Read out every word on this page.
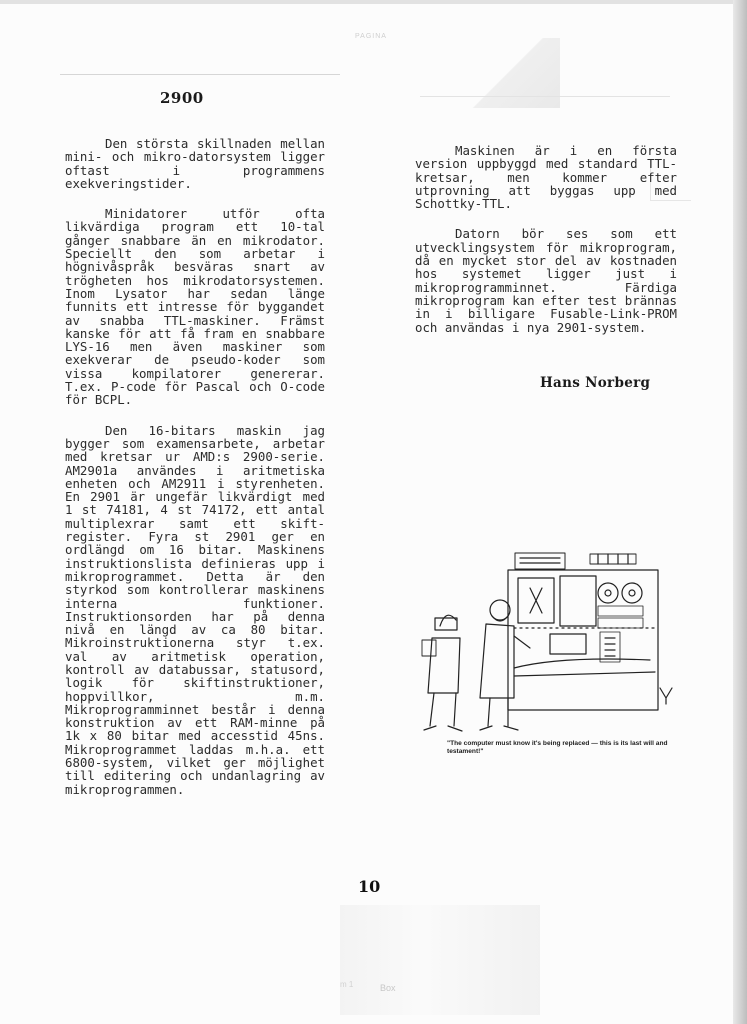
PAGINA
m 1	Box
2900

Den största skillnaden mellan mini- och mikro-datorsystem ligger oftast i programmens exekveringstider.

Minidatorer utför ofta likvärdiga program ett 10-tal gånger snabbare än en mikrodator. Speciellt den som arbetar i högnivåspråk besväras snart av trögheten hos mikrodatorsystemen. Inom Lysator har sedan länge funnits ett intresse för byggandet av snabba TTL-maskiner. Främst kanske för att få fram en snabbare LYS-16 men även maskiner som exekverar de pseudo-koder som vissa kompilatorer genererar. T.ex. P-code för Pascal och O-code för BCPL.

Den 16-bitars maskin jag bygger som examensarbete, arbetar med kretsar ur AMD:s 2900-serie. AM2901a användes i aritmetiska enheten och AM2911 i styrenheten. En 2901 är ungefär likvärdigt med 1 st 74181, 4 st 74172, ett antal multiplexrar samt ett skift-register. Fyra st 2901 ger en ordlängd om 16 bitar. Maskinens instruktionslista definieras upp i mikroprogrammet. Detta är den styrkod som kontrollerar maskinens interna funktioner. Instruktionsorden har på denna nivå en längd av ca 80 bitar. Mikroinstruktionerna styr t.ex. val av aritmetisk operation, kontroll av databussar, statusord, logik för skiftinstruktioner, hoppvillkor, m.m. Mikroprogramminnet består i denna konstruktion av ett RAM-minne på 1k x 80 bitar med accesstid 45ns. Mikroprogrammet laddas m.h.a. ett 6800-system, vilket ger möjlighet till editering och undanlagring av mikroprogrammen.

Maskinen är i en första version uppbyggd med standard TTL-kretsar, men kommer efter utprovning att byggas upp med Schottky-TTL.

Datorn bör ses som ett utvecklingsystem för mikroprogram, då en mycket stor del av kostnaden hos systemet ligger just i mikroprogramminnet. Färdiga mikroprogram kan efter test brännas in i billigare Fusable-Link-PROM och användas i nya 2901-system.

Hans Norberg
"The computer must know it's being replaced — this is its last will and testament!"
10
